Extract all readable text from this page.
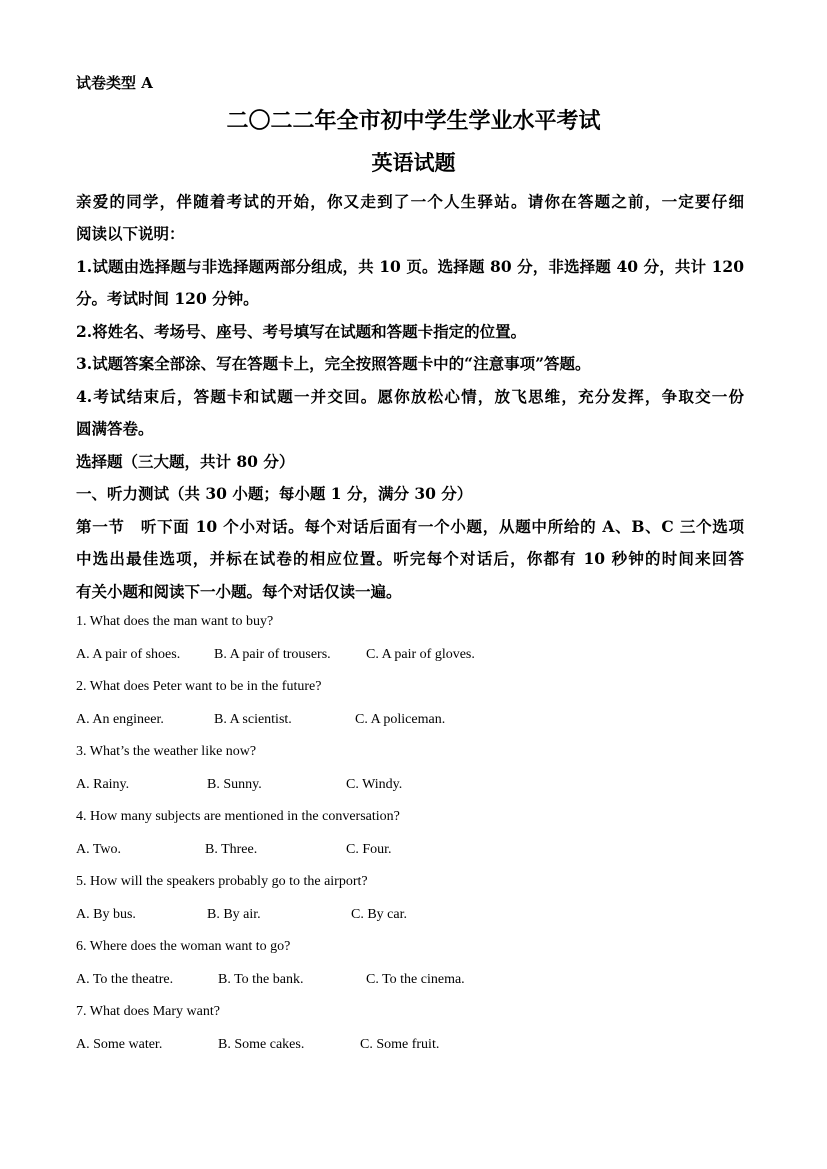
试卷类型 A
二〇二二年全市初中学生学业水平考试
英语试题
亲爱的同学，伴随着考试的开始，你又走到了一个人生驿站。请你在答题之前，一定要仔细
阅读以下说明：
1.试题由选择题与非选择题两部分组成，共 10 页。选择题 80 分，非选择题 40 分，共计 120
分。考试时间 120 分钟。
2.将姓名、考场号、座号、考号填写在试题和答题卡指定的位置。
3.试题答案全部涂、写在答题卡上，完全按照答题卡中的“注意事项”答题。
4.考试结束后，答题卡和试题一并交回。愿你放松心情，放飞思维，充分发挥，争取交一份
圆满答卷。
选择题（三大题，共计 80 分）
一、听力测试（共 30 小题；每小题 1 分，满分 30 分）
第一节　听下面 10 个小对话。每个对话后面有一个小题，从题中所给的 A、B、C 三个选项
中选出最佳选项，并标在试卷的相应位置。听完每个对话后，你都有 10 秒钟的时间来回答
有关小题和阅读下一小题。每个对话仅读一遍。
1. What does the man want to buy?
A. A pair of shoes. B. A pair of trousers.	C. A pair of gloves.
2. What does Peter want to be in the future?
A. An engineer.	B. A scientist.	C. A policeman.
3. What’s the weather like now?
A. Rainy.	B. Sunny.	C. Windy.
4. How many subjects are mentioned in the conversation?
A. Two.	B. Three.	C. Four.
5. How will the speakers probably go to the airport?
A. By bus.	B. By air.	C. By car.
6. Where does the woman want to go?
A. To the theatre.	B. To the bank.	C. To the cinema.
7. What does Mary want?
A. Some water.	B. Some cakes.	C. Some fruit.
